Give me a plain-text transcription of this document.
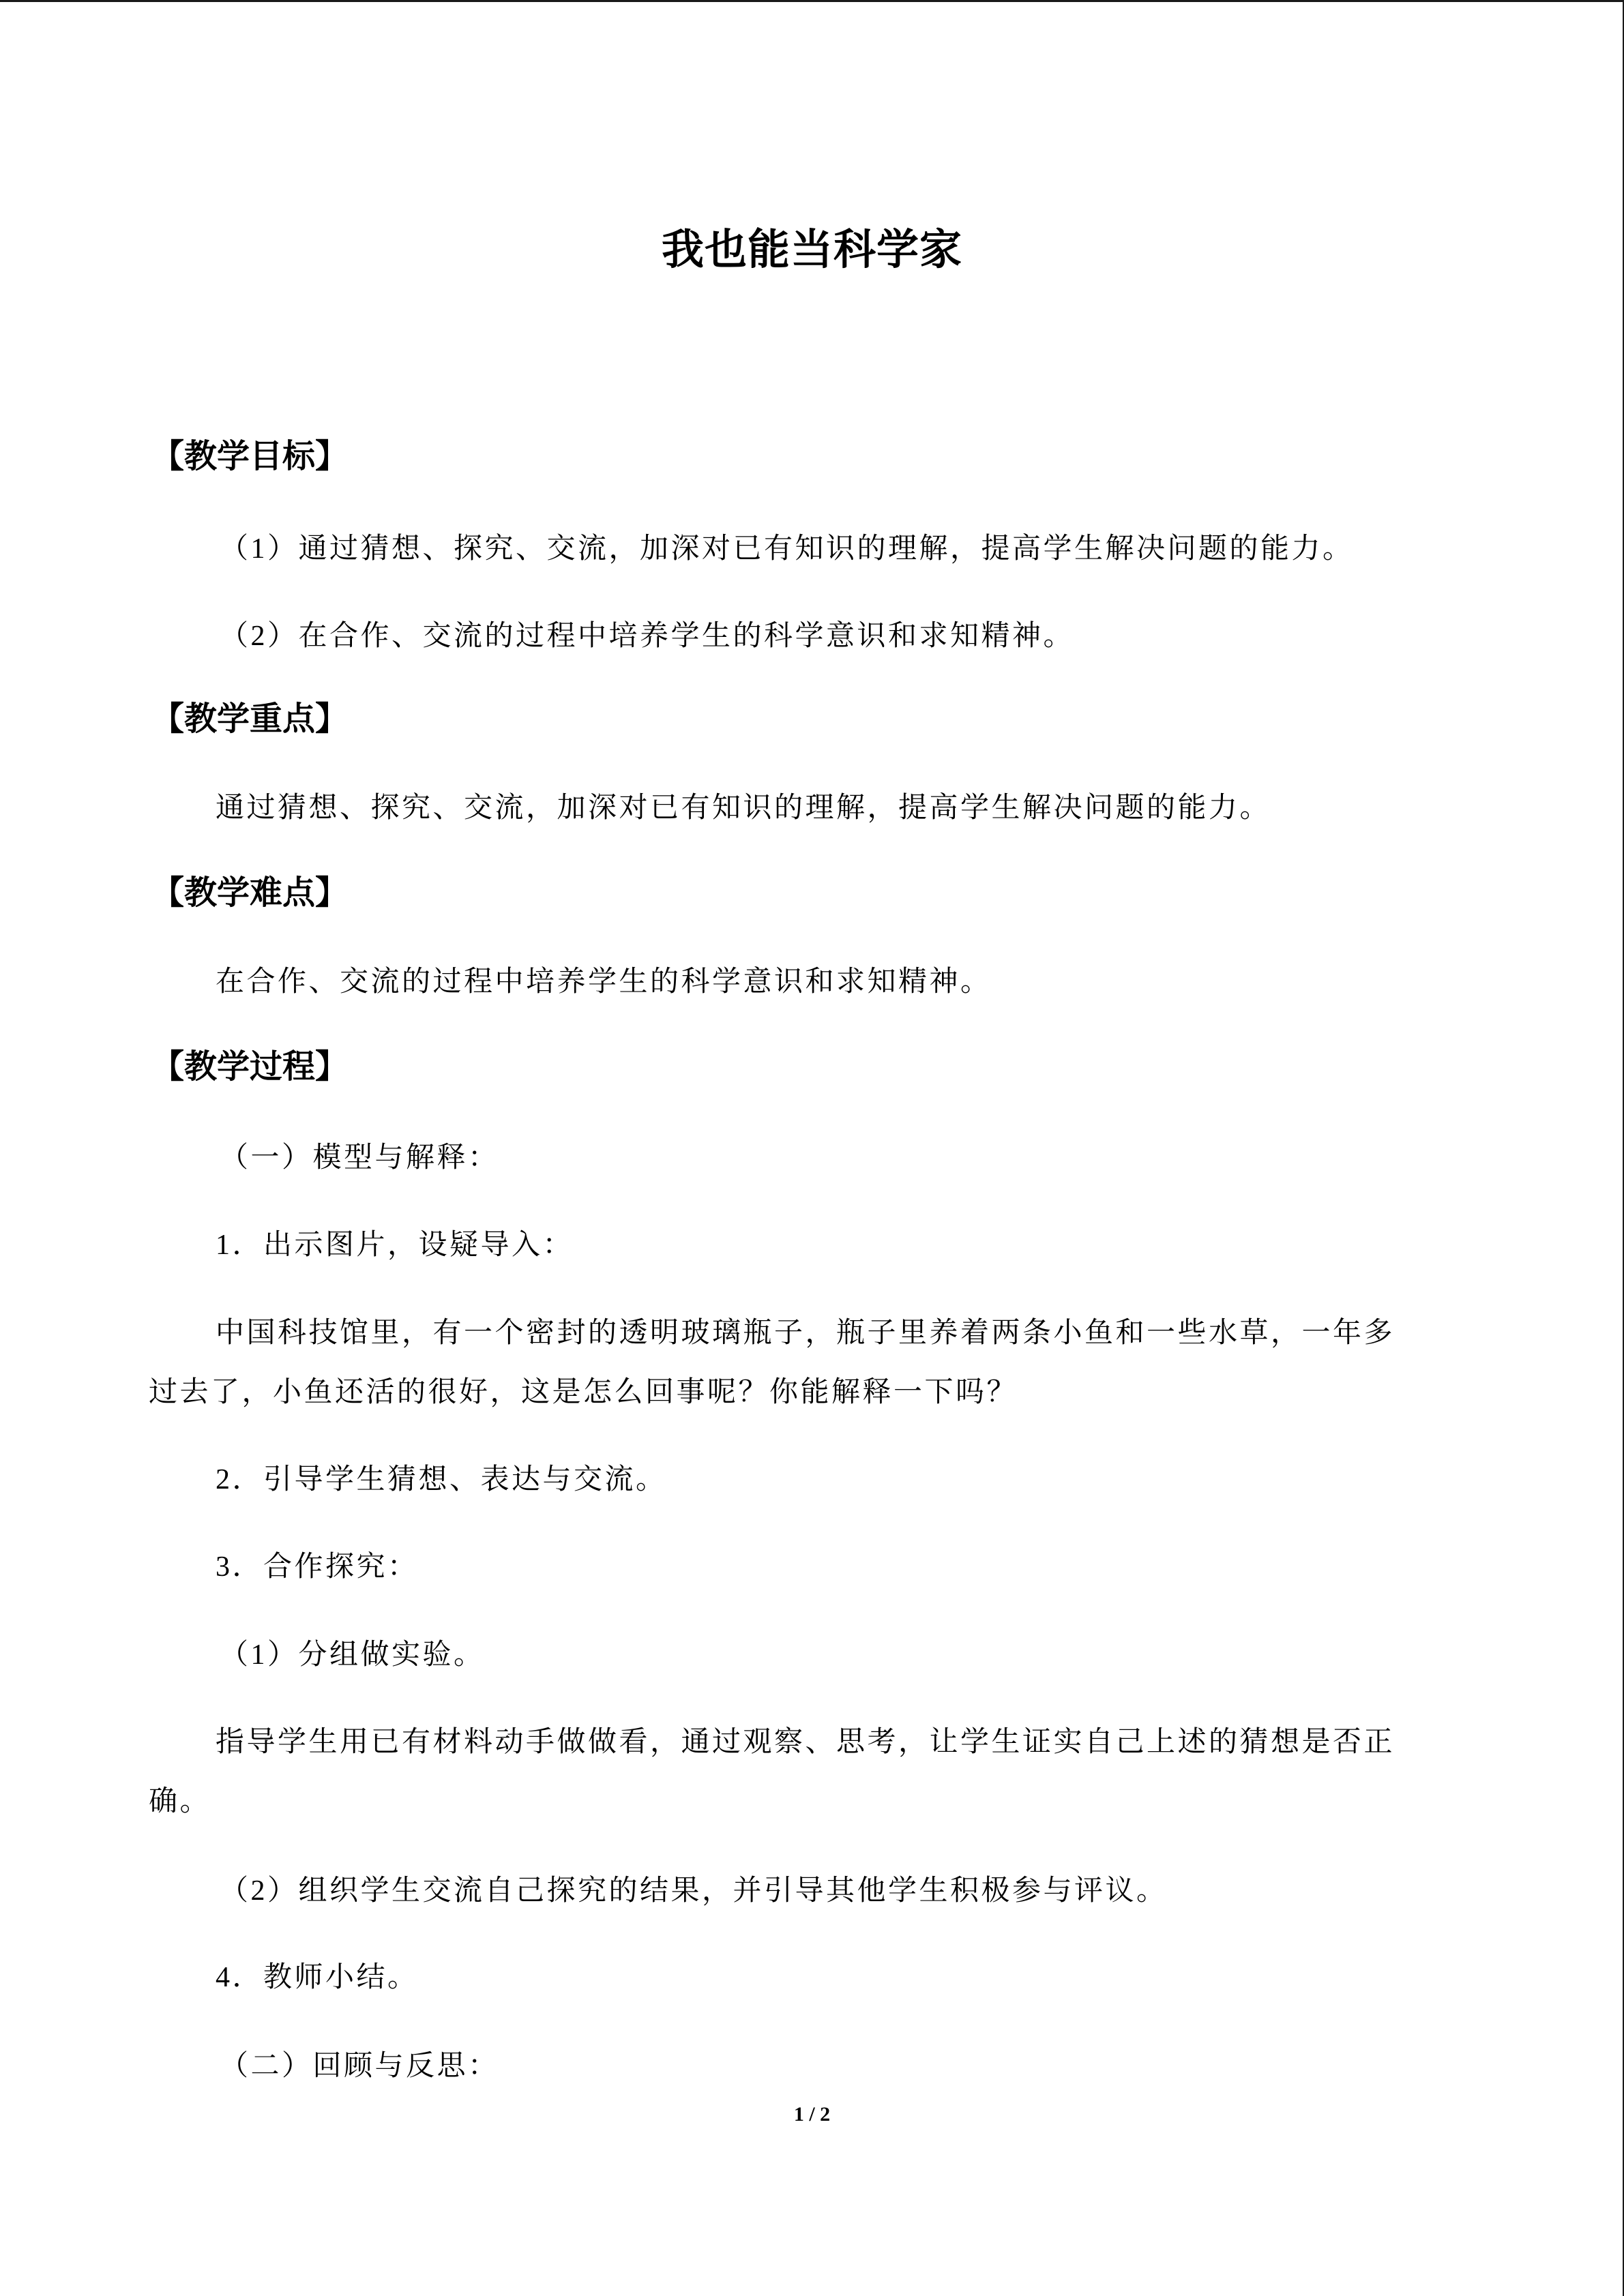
我也能当科学家
【教学目标】
（1）通过猜想、探究、交流，加深对已有知识的理解，提高学生解决问题的能力。
（2）在合作、交流的过程中培养学生的科学意识和求知精神。
【教学重点】
通过猜想、探究、交流，加深对已有知识的理解，提高学生解决问题的能力。
【教学难点】
在合作、交流的过程中培养学生的科学意识和求知精神。
【教学过程】
（一）模型与解释：
1．出示图片，设疑导入：
中国科技馆里，有一个密封的透明玻璃瓶子，瓶子里养着两条小鱼和一些水草，一年多
过去了，小鱼还活的很好，这是怎么回事呢？你能解释一下吗？
2．引导学生猜想、表达与交流。
3．合作探究：
（1）分组做实验。
指导学生用已有材料动手做做看，通过观察、思考，让学生证实自己上述的猜想是否正
确。
（2）组织学生交流自己探究的结果，并引导其他学生积极参与评议。
4．教师小结。
（二）回顾与反思：
1 / 2
